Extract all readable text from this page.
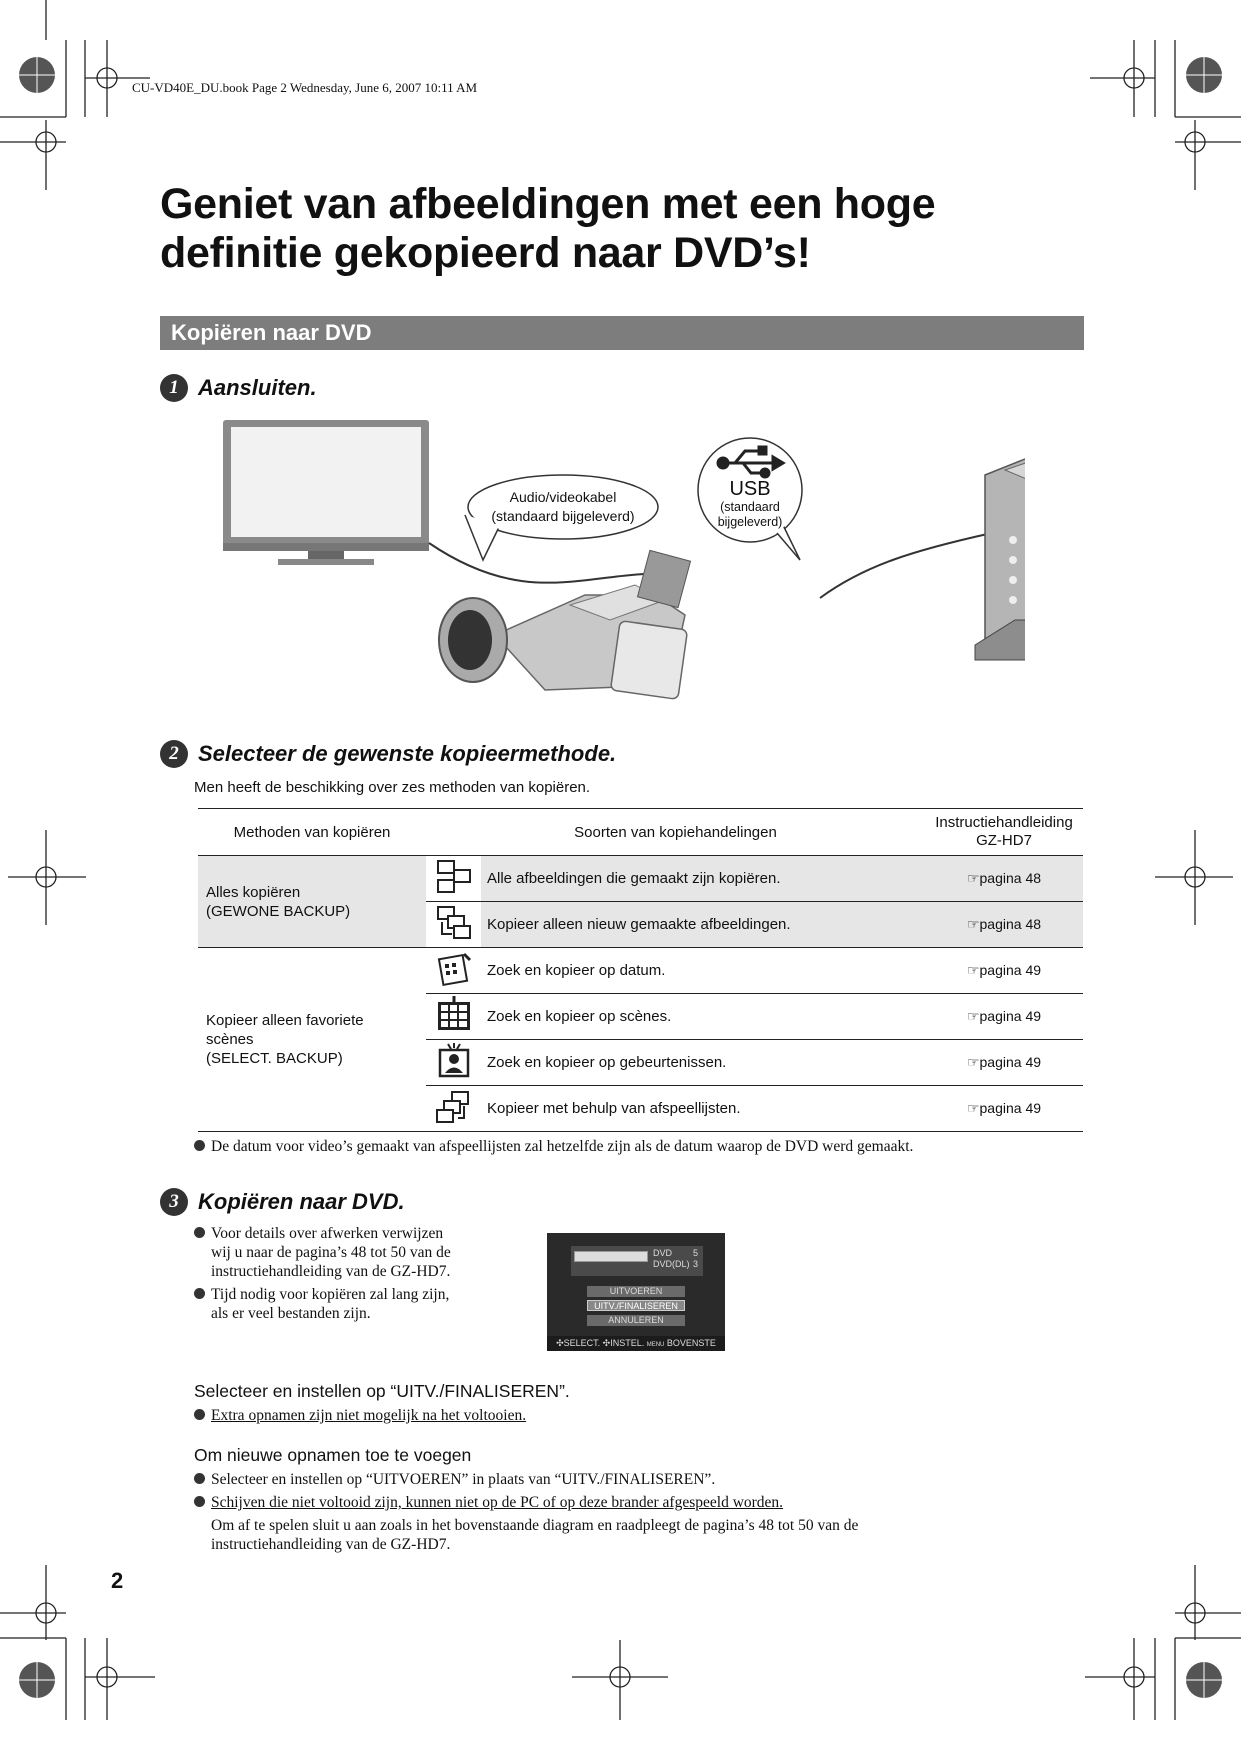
CU-VD40E_DU.book Page 2 Wednesday, June 6, 2007 10:11 AM
Geniet van afbeeldingen met een hoge
definitie gekopieerd naar DVD’s!
Kopiëren naar DVD
1 Aansluiten.
Audio/videokabel
(standaard bijgeleverd)
USB
(standaard
bijgeleverd)
2 Selecteer de gewenste kopieermethode.
Men heeft de beschikking over zes methoden van kopiëren.
Methoden van kopiëren	Soorten van kopiehandelingen		Instructiehandleiding
GZ-HD7

Alles kopiëren
(GEWONE BACKUP)		Alle afbeeldingen die gemaakt zijn kopiëren.	☞pagina 48
	Kopieer alleen nieuw gemaakte afbeeldingen.	☞pagina 48

Kopieer alleen favoriete
scènes
(SELECT. BACKUP)		Zoek en kopieer op datum.	☞pagina 49
	Zoek en kopieer op scènes.	☞pagina 49
	Zoek en kopieer op gebeurtenissen.	☞pagina 49
	Kopieer met behulp van afspeellijsten.	☞pagina 49
De datum voor video’s gemaakt van afspeellijsten zal hetzelfde zijn als de datum waarop de DVD werd gemaakt.
3 Kopiëren naar DVD.
Voor details over afwerken verwijzen
wij u naar de pagina’s 48 tot 50 van de
instructiehandleiding van de GZ-HD7.
Tijd nodig voor kopiëren zal lang zijn,
als er veel bestanden zijn.
DVD
DVD(DL)
5
3
UITVOEREN
UITV./FINALISEREN
ANNULEREN
✣SELECT. ✣INSTEL. MENU BOVENSTE
Selecteer en instellen op “UITV./FINALISEREN”.
Extra opnamen zijn niet mogelijk na het voltooien.
Om nieuwe opnamen toe te voegen
Selecteer en instellen op “UITVOEREN” in plaats van “UITV./FINALISEREN”.
Schijven die niet voltooid zijn, kunnen niet op de PC of op deze brander afgespeeld worden.
Om af te spelen sluit u aan zoals in het bovenstaande diagram en raadpleegt de pagina’s 48 tot 50 van de
instructiehandleiding van de GZ-HD7.
2
